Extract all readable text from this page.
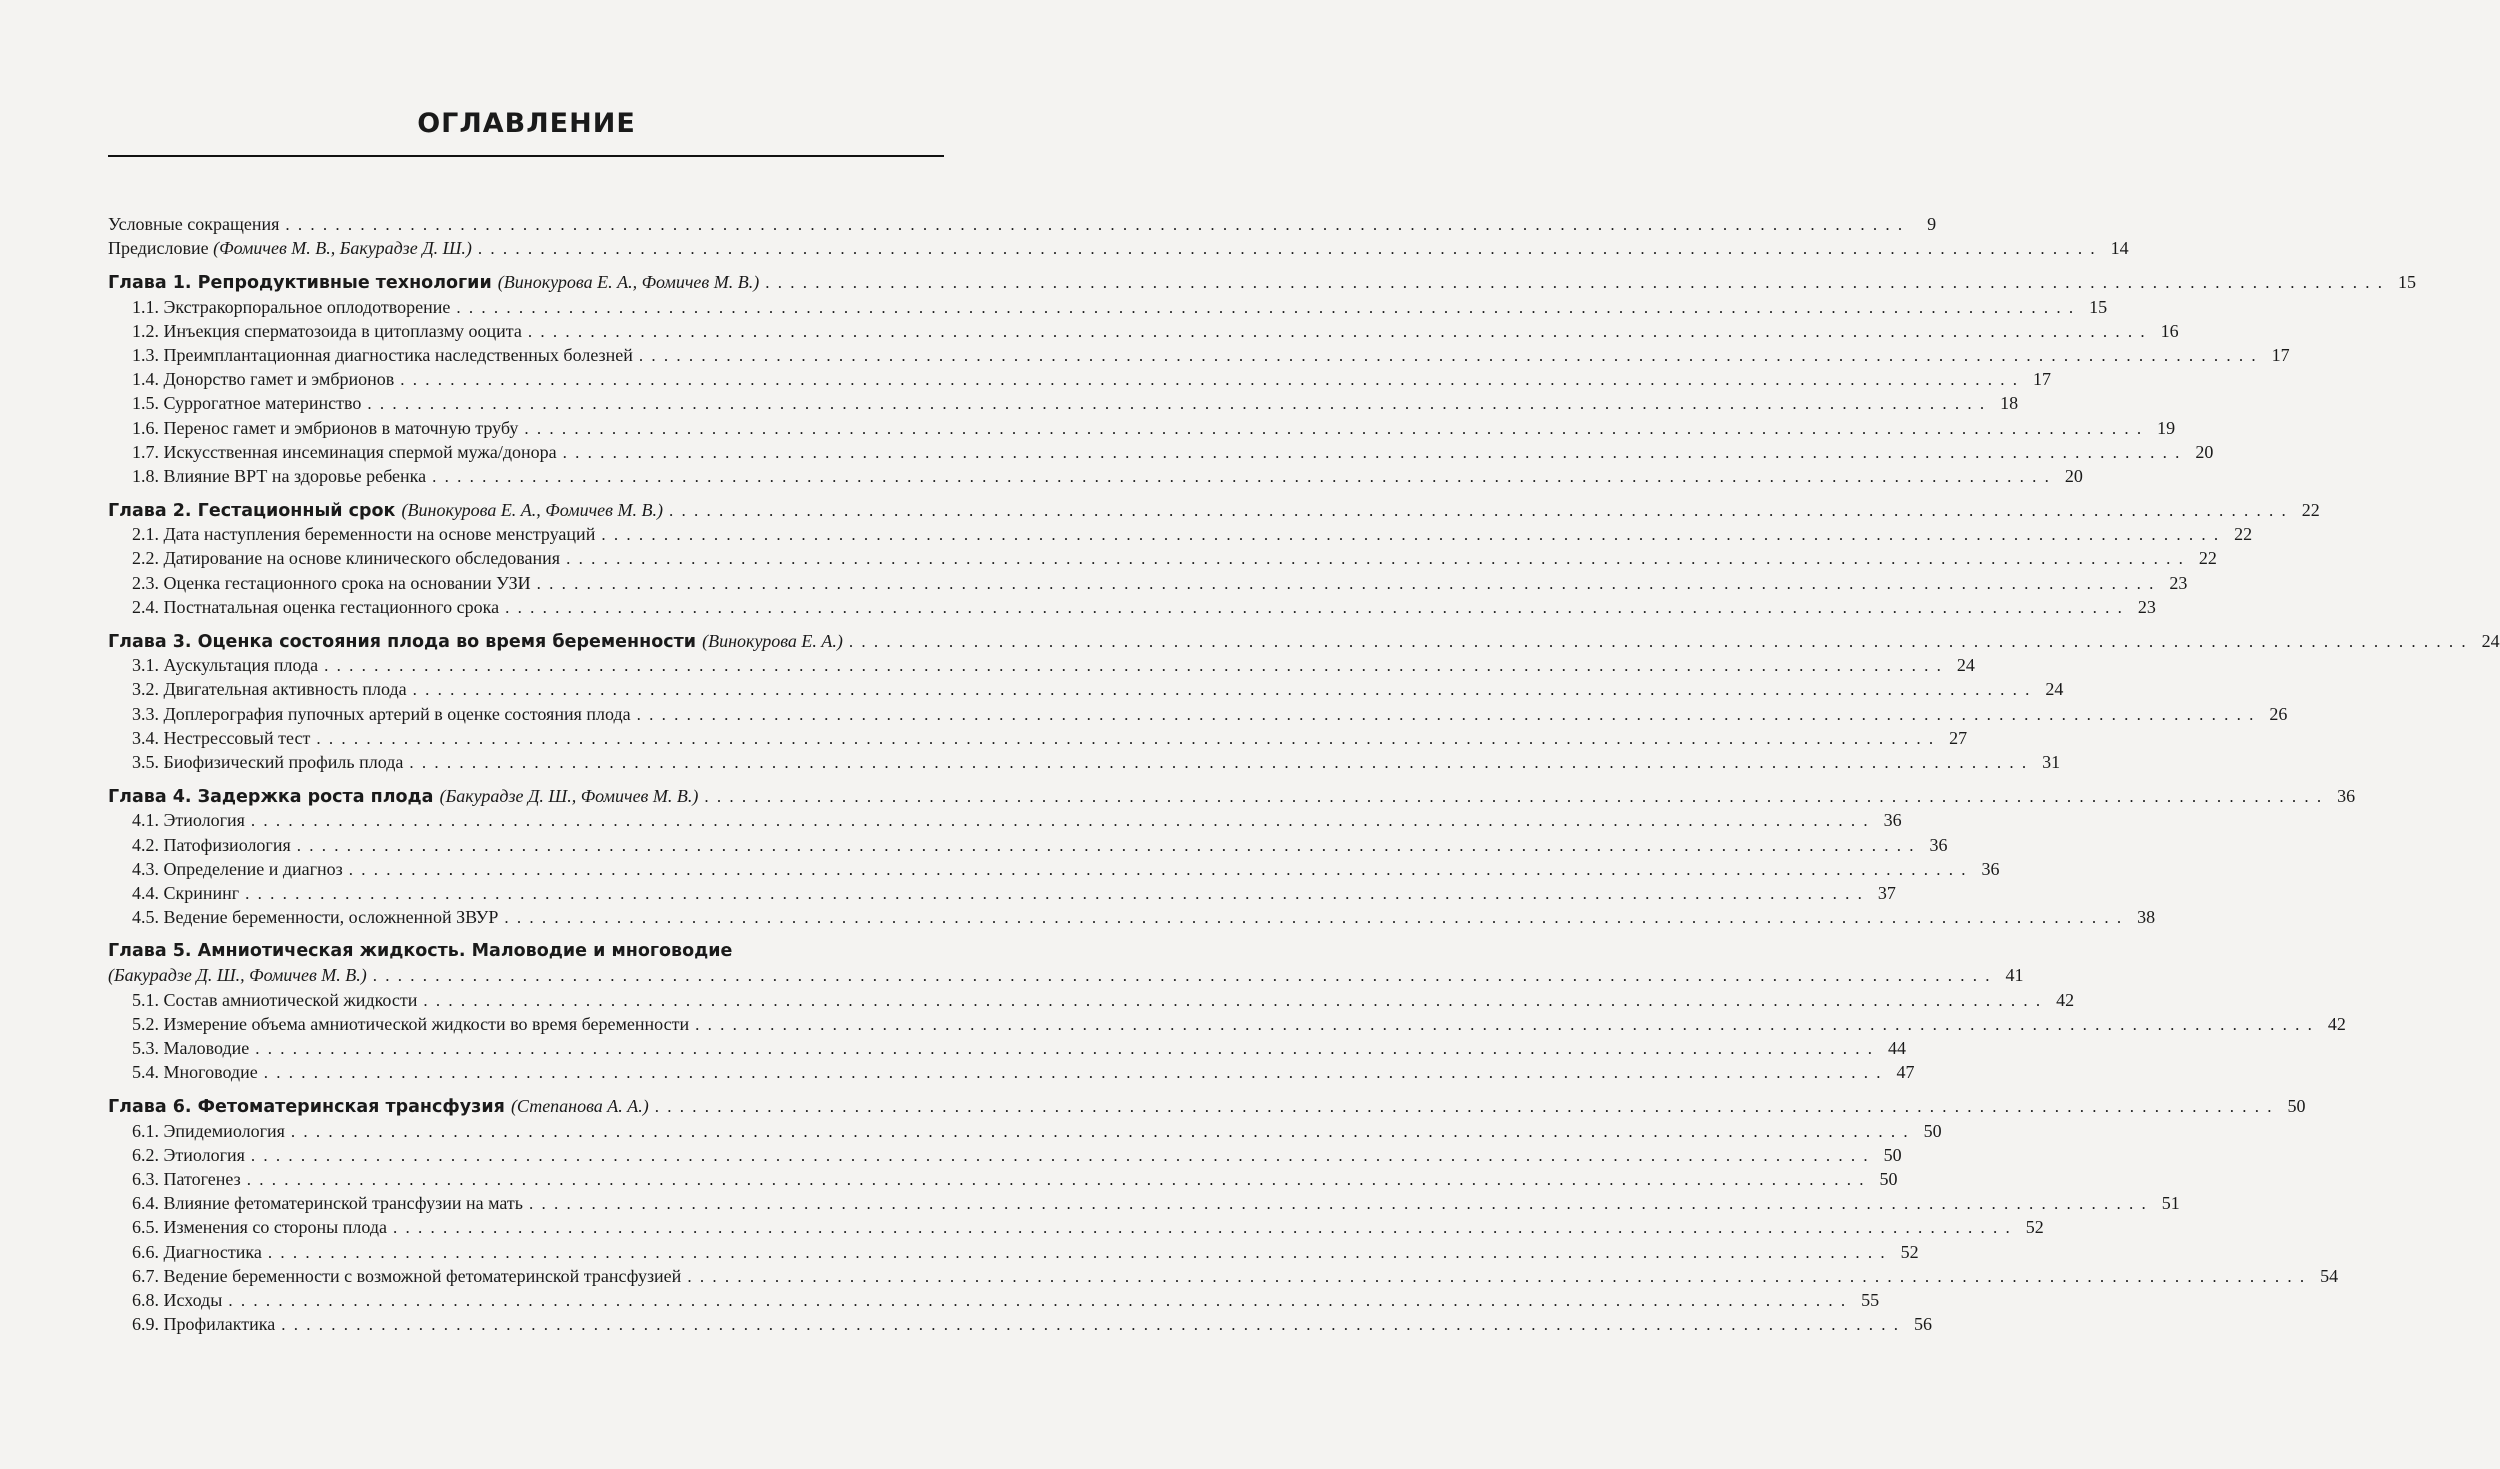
ОГЛАВЛЕНИЕ
Условные сокращения . . .	9
Предисловие (Фомичев М. В., Бакурадзе Д. Ш.) . . .	14
Глава 1. Репродуктивные технологии (Винокурова Е. А., Фомичев М. В.) . . .	15
1.1. Экстракорпоральное оплодотворение . . .	15
1.2. Инъекция сперматозоида в цитоплазму ооцита . . .	16
1.3. Преимплантационная диагностика наследственных болезней . . .	17
1.4. Донорство гамет и эмбрионов . . .	17
1.5. Суррогатное материнство . . .	18
1.6. Перенос гамет и эмбрионов в маточную трубу . . .	19
1.7. Искусственная инсеминация спермой мужа/донора . . .	20
1.8. Влияние ВРТ на здоровье ребенка . . .	20
Глава 2. Гестационный срок (Винокурова Е. А., Фомичев М. В.) . . .	22
2.1. Дата наступления беременности на основе менструаций . . .	22
2.2. Датирование на основе клинического обследования . . .	22
2.3. Оценка гестационного срока на основании УЗИ . . .	23
2.4. Постнатальная оценка гестационного срока . . .	23
Глава 3. Оценка состояния плода во время беременности (Винокурова Е. А.) . . .	24
3.1. Аускультация плода . . .	24
3.2. Двигательная активность плода . . .	24
3.3. Доплерография пупочных артерий в оценке состояния плода . . .	26
3.4. Нестрессовый тест . . .	27
3.5. Биофизический профиль плода . . .	31
Глава 4. Задержка роста плода (Бакурадзе Д. Ш., Фомичев М. В.) . . .	36
4.1. Этиология . . .	36
4.2. Патофизиология . . .	36
4.3. Определение и диагноз . . .	36
4.4. Скрининг . . .	37
4.5. Ведение беременности, осложненной ЗВУР . . .	38
Глава 5. Амниотическая жидкость. Маловодие и многоводие
(Бакурадзе Д. Ш., Фомичев М. В.) . . .	41
5.1. Состав амниотической жидкости . . .	42
5.2. Измерение объема амниотической жидкости во время беременности . . .	42
5.3. Маловодие . . .	44
5.4. Многоводие . . .	47
Глава 6. Фетоматеринская трансфузия (Степанова А. А.) . . .	50
6.1. Эпидемиология . . .	50
6.2. Этиология . . .	50
6.3. Патогенез . . .	50
6.4. Влияние фетоматеринской трансфузии на мать . . .	51
6.5. Изменения со стороны плода . . .	52
6.6. Диагностика . . .	52
6.7. Ведение беременности с возможной фетоматеринской трансфузией . . .	54
6.8. Исходы . . .	55
6.9. Профилактика . . .	56
